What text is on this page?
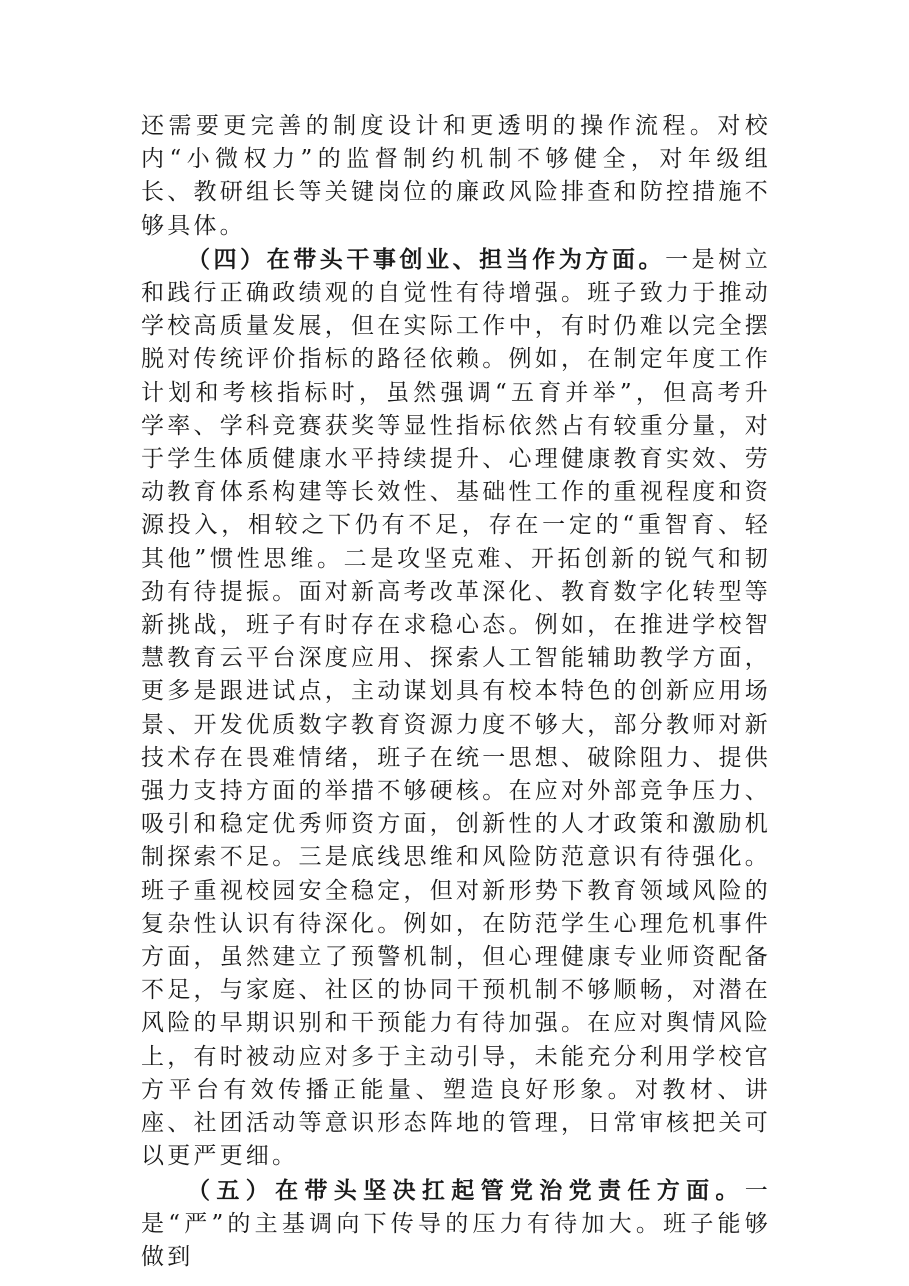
还需要更完善的制度设计和更透明的操作流程。对校内“小微权力”的监督制约机制不够健全，对年级组长、教研组长等关键岗位的廉政风险排查和防控措施不够具体。

（四）在带头干事创业、担当作为方面。一是树立和践行正确政绩观的自觉性有待增强。班子致力于推动学校高质量发展，但在实际工作中，有时仍难以完全摆脱对传统评价指标的路径依赖。例如，在制定年度工作计划和考核指标时，虽然强调“五育并举”，但高考升学率、学科竞赛获奖等显性指标依然占有较重分量，对于学生体质健康水平持续提升、心理健康教育实效、劳动教育体系构建等长效性、基础性工作的重视程度和资源投入，相较之下仍有不足，存在一定的“重智育、轻其他”惯性思维。二是攻坚克难、开拓创新的锐气和韧劲有待提振。面对新高考改革深化、教育数字化转型等新挑战，班子有时存在求稳心态。例如，在推进学校智慧教育云平台深度应用、探索人工智能辅助教学方面，更多是跟进试点，主动谋划具有校本特色的创新应用场景、开发优质数字教育资源力度不够大，部分教师对新技术存在畏难情绪，班子在统一思想、破除阻力、提供强力支持方面的举措不够硬核。在应对外部竞争压力、吸引和稳定优秀师资方面，创新性的人才政策和激励机制探索不足。三是底线思维和风险防范意识有待强化。班子重视校园安全稳定，但对新形势下教育领域风险的复杂性认识有待深化。例如，在防范学生心理危机事件方面，虽然建立了预警机制，但心理健康专业师资配备不足，与家庭、社区的协同干预机制不够顺畅，对潜在风险的早期识别和干预能力有待加强。在应对舆情风险上，有时被动应对多于主动引导，未能充分利用学校官方平台有效传播正能量、塑造良好形象。对教材、讲座、社团活动等意识形态阵地的管理，日常审核把关可以更严更细。

（五）在带头坚决扛起管党治党责任方面。一是“严”的主基调向下传导的压力有待加大。班子能够做到
